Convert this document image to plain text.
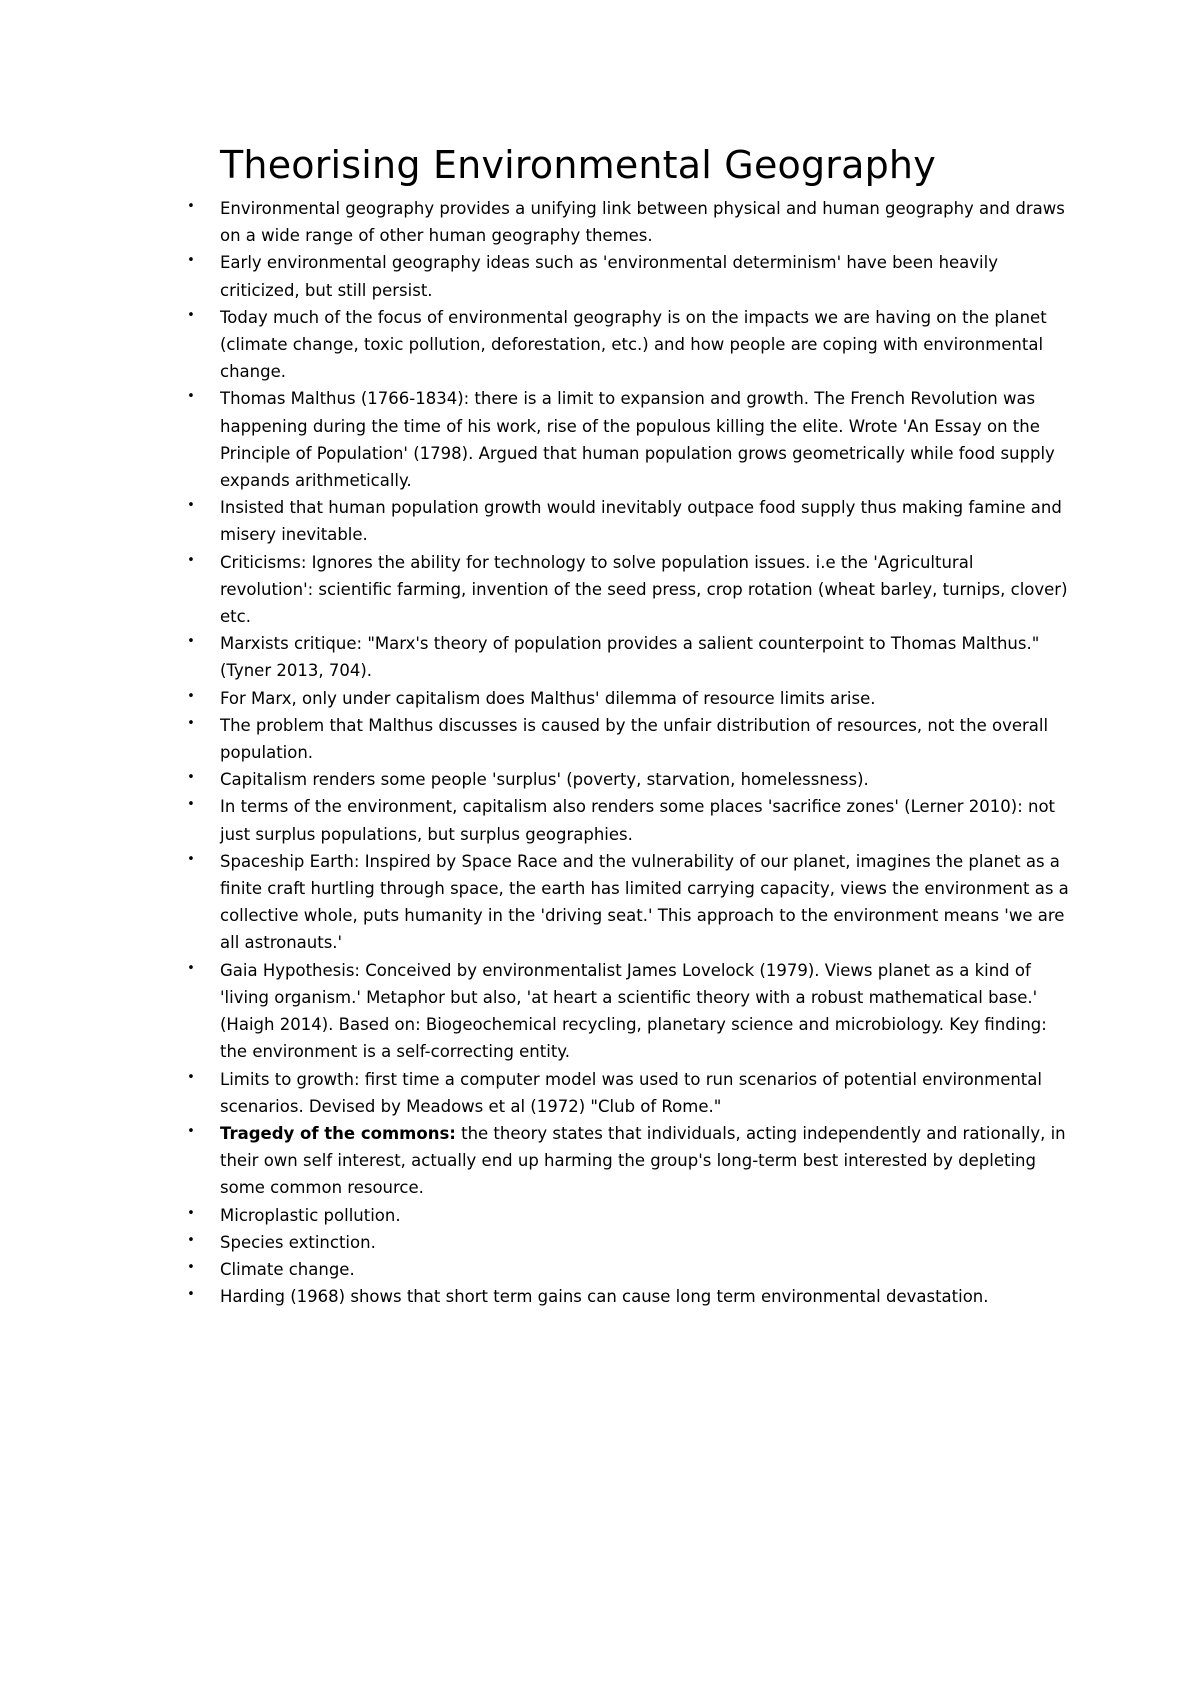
Theorising Environmental Geography
• Environmental geography provides a unifying link between physical and human geography and draws on a wide range of other human geography themes.
• Early environmental geography ideas such as 'environmental determinism' have been heavily criticized, but still persist.
• Today much of the focus of environmental geography is on the impacts we are having on the planet (climate change, toxic pollution, deforestation, etc.) and how people are coping with environmental change.
• Thomas Malthus (1766-1834): there is a limit to expansion and growth. The French Revolution was happening during the time of his work, rise of the populous killing the elite. Wrote 'An Essay on the Principle of Population' (1798). Argued that human population grows geometrically while food supply expands arithmetically.
• Insisted that human population growth would inevitably outpace food supply thus making famine and misery inevitable.
• Criticisms: Ignores the ability for technology to solve population issues. i.e the 'Agricultural revolution': scientific farming, invention of the seed press, crop rotation (wheat barley, turnips, clover) etc.
• Marxists critique: "Marx's theory of population provides a salient counterpoint to Thomas Malthus." (Tyner 2013, 704).
• For Marx, only under capitalism does Malthus' dilemma of resource limits arise.
• The problem that Malthus discusses is caused by the unfair distribution of resources, not the overall population.
• Capitalism renders some people 'surplus' (poverty, starvation, homelessness).
• In terms of the environment, capitalism also renders some places 'sacrifice zones' (Lerner 2010): not just surplus populations, but surplus geographies.
• Spaceship Earth: Inspired by Space Race and the vulnerability of our planet, imagines the planet as a finite craft hurtling through space, the earth has limited carrying capacity, views the environment as a collective whole, puts humanity in the 'driving seat.' This approach to the environment means 'we are all astronauts.'
• Gaia Hypothesis: Conceived by environmentalist James Lovelock (1979). Views planet as a kind of 'living organism.' Metaphor but also, 'at heart a scientific theory with a robust mathematical base.' (Haigh 2014). Based on: Biogeochemical recycling, planetary science and microbiology. Key finding: the environment is a self-correcting entity.
• Limits to growth: first time a computer model was used to run scenarios of potential environmental scenarios. Devised by Meadows et al (1972) "Club of Rome."
• Tragedy of the commons: the theory states that individuals, acting independently and rationally, in their own self interest, actually end up harming the group's long-term best interested by depleting some common resource.
• Microplastic pollution.
• Species extinction.
• Climate change.
• Harding (1968) shows that short term gains can cause long term environmental devastation.
